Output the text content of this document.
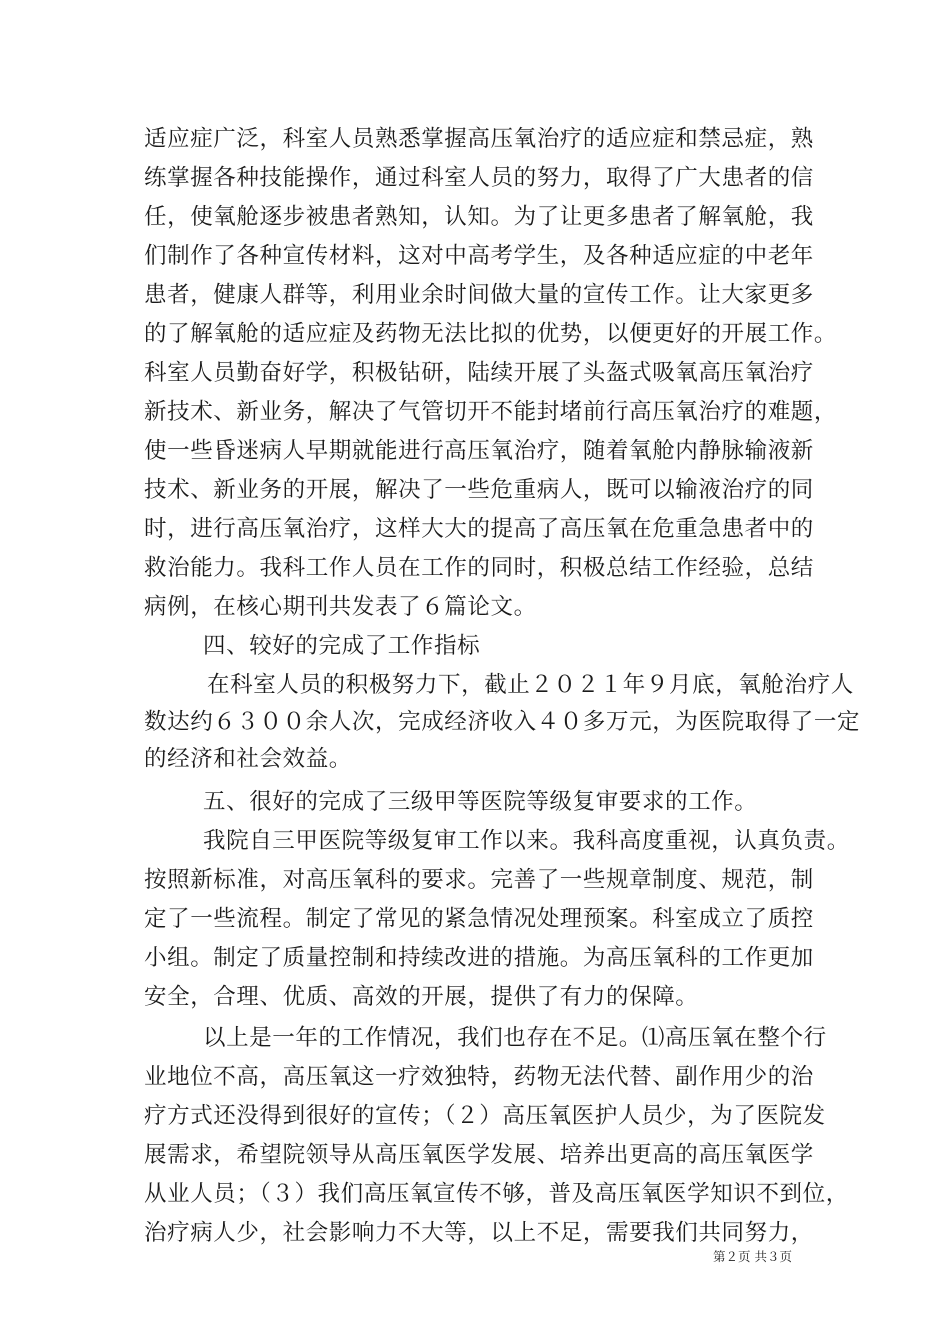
适应症广泛，科室人员熟悉掌握高压氧治疗的适应症和禁忌症，熟
练掌握各种技能操作，通过科室人员的努力，取得了广大患者的信
任，使氧舱逐步被患者熟知，认知。为了让更多患者了解氧舱，我
们制作了各种宣传材料，这对中高考学生，及各种适应症的中老年
患者，健康人群等，利用业余时间做大量的宣传工作。让大家更多
的了解氧舱的适应症及药物无法比拟的优势，以便更好的开展工作。
科室人员勤奋好学，积极钻研，陆续开展了头盔式吸氧高压氧治疗
新技术、新业务，解决了气管切开不能封堵前行高压氧治疗的难题，
使一些昏迷病人早期就能进行高压氧治疗，随着氧舱内静脉输液新
技术、新业务的开展，解决了一些危重病人，既可以输液治疗的同
时，进行高压氧治疗，这样大大的提高了高压氧在危重急患者中的
救治能力。我科工作人员在工作的同时，积极总结工作经验，总结
病例，在核心期刊共发表了６篇论文。
四、较好的完成了工作指标
在科室人员的积极努力下，截止２０２１年９月底，氧舱治疗人
数达约６３００余人次，完成经济收入４０多万元，为医院取得了一定
的经济和社会效益。
五、很好的完成了三级甲等医院等级复审要求的工作。
我院自三甲医院等级复审工作以来。我科高度重视，认真负责。
按照新标准，对高压氧科的要求。完善了一些规章制度、规范，制
定了一些流程。制定了常见的紧急情况处理预案。科室成立了质控
小组。制定了质量控制和持续改进的措施。为高压氧科的工作更加
安全，合理、优质、高效的开展，提供了有力的保障。
以上是一年的工作情况，我们也存在不足。⑴高压氧在整个行
业地位不高，高压氧这一疗效独特，药物无法代替、副作用少的治
疗方式还没得到很好的宣传；（２）高压氧医护人员少，为了医院发
展需求，希望院领导从高压氧医学发展、培养出更高的高压氧医学
从业人员；（３）我们高压氧宣传不够，普及高压氧医学知识不到位，
治疗病人少，社会影响力不大等，以上不足，需要我们共同努力，
第２页 共３页
